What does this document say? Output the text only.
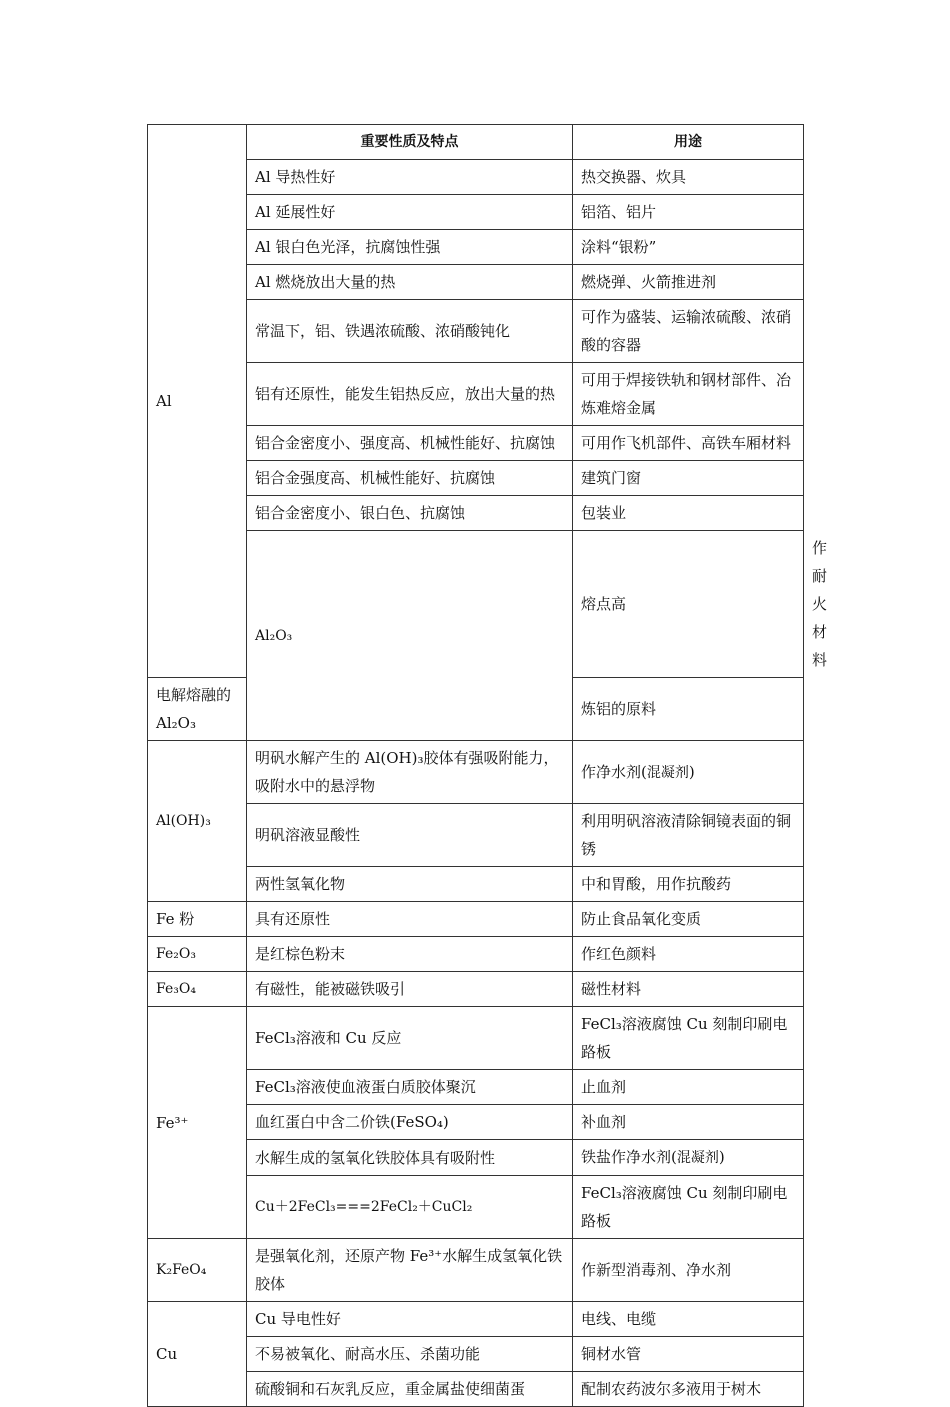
Al	重要性质及特点	用途	
	Al 导热性好	热交换器、炊具	
	Al 延展性好	铝箔、铝片	
	Al 银白色光泽，抗腐蚀性强	涂料“银粉”	
	Al 燃烧放出大量的热	燃烧弹、火箭推进剂	
	常温下，铝、铁遇浓硫酸、浓硝酸钝化	可作为盛装、运输浓硫酸、浓硝酸的容器	
	铝有还原性，能发生铝热反应，放出大量的热	可用于焊接铁轨和钢材部件、冶炼难熔金属	
	铝合金密度小、强度高、机械性能好、抗腐蚀	可用作飞机部件、高铁车厢材料	
	铝合金强度高、机械性能好、抗腐蚀	建筑门窗	
	铝合金密度小、银白色、抗腐蚀	包装业	
	Al₂O₃	熔点高	作耐火材料
电解熔融的 Al₂O₃		炼铝的原料	
Al(OH)₃	明矾水解产生的 Al(OH)₃胶体有强吸附能力，吸附水中的悬浮物	作净水剂(混凝剂)	
	明矾溶液显酸性	利用明矾溶液清除铜镜表面的铜锈	
	两性氢氧化物	中和胃酸，用作抗酸药	
Fe 粉	具有还原性	防止食品氧化变质	
Fe₂O₃	是红棕色粉末	作红色颜料	
Fe₃O₄	有磁性，能被磁铁吸引	磁性材料	
Fe³⁺	FeCl₃溶液和 Cu 反应	FeCl₃溶液腐蚀 Cu 刻制印刷电路板	
	FeCl₃溶液使血液蛋白质胶体聚沉	止血剂	
	血红蛋白中含二价铁(FeSO₄)	补血剂	
	水解生成的氢氧化铁胶体具有吸附性	铁盐作净水剂(混凝剂)	
	Cu＋2FeCl₃===2FeCl₂＋CuCl₂	FeCl₃溶液腐蚀 Cu 刻制印刷电路板	
K₂FeO₄	是强氧化剂，还原产物 Fe³⁺水解生成氢氧化铁胶体	作新型消毒剂、净水剂	
Cu	Cu 导电性好	电线、电缆	
	不易被氧化、耐高水压、杀菌功能	铜材水管	
	硫酸铜和石灰乳反应，重金属盐使细菌蛋	配制农药波尔多液用于树木	
